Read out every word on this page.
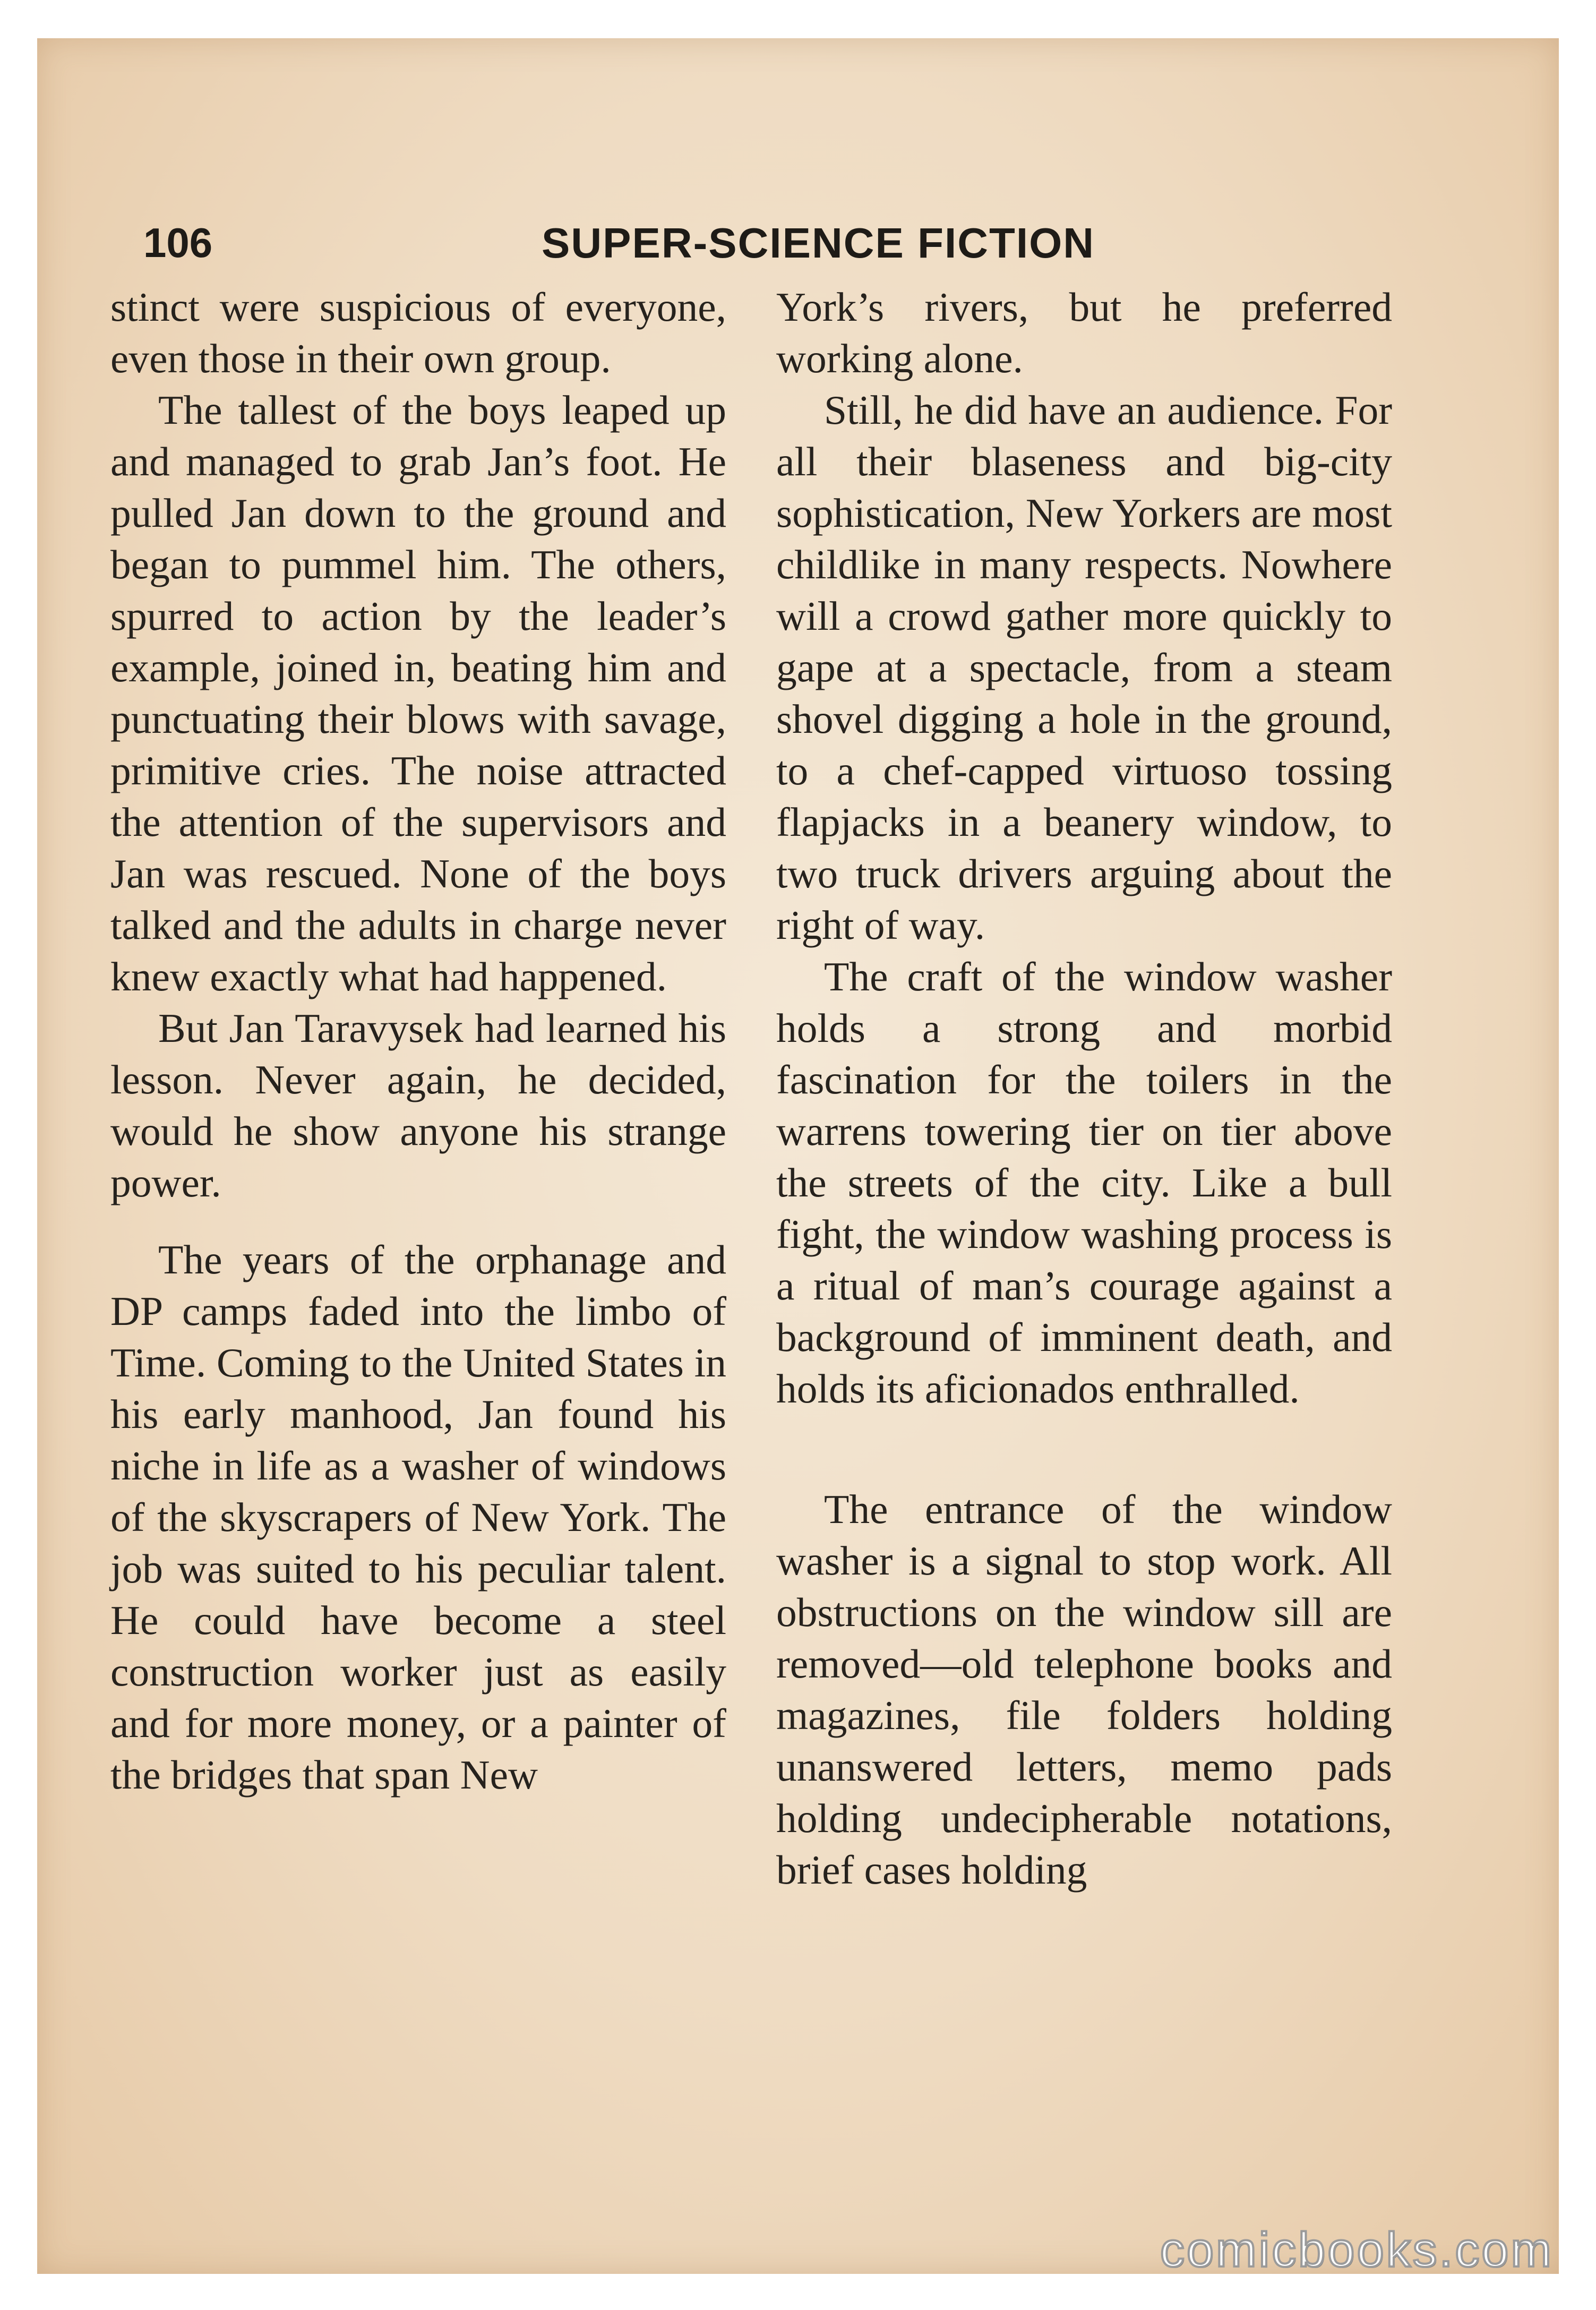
106	SUPER-SCIENCE FICTION

stinct were suspicious of everyone, even those in their own group.

The tallest of the boys leaped up and managed to grab Jan’s foot. He pulled Jan down to the ground and began to pummel him. The others, spurred to action by the leader’s example, joined in, beating him and punctuating their blows with savage, primitive cries. The noise attracted the attention of the supervisors and Jan was rescued. None of the boys talked and the adults in charge never knew exactly what had happened.

But Jan Taravysek had learned his lesson. Never again, he decided, would he show anyone his strange power.

The years of the orphanage and DP camps faded into the limbo of Time. Coming to the United States in his early manhood, Jan found his niche in life as a washer of windows of the skyscrapers of New York. The job was suited to his peculiar talent. He could have become a steel construction worker just as easily and for more money, or a painter of the bridges that span New

York’s rivers, but he preferred working alone.

Still, he did have an audience. For all their blaseness and big-city sophistication, New Yorkers are most childlike in many respects. Nowhere will a crowd gather more quickly to gape at a spectacle, from a steam shovel digging a hole in the ground, to a chef-capped virtuoso tossing flapjacks in a beanery window, to two truck drivers arguing about the right of way.

The craft of the window washer holds a strong and morbid fascination for the toilers in the warrens towering tier on tier above the streets of the city. Like a bull fight, the window washing process is a ritual of man’s courage against a background of imminent death, and holds its aficionados enthralled.

The entrance of the window washer is a signal to stop work. All obstructions on the window sill are removed—old telephone books and magazines, file folders holding unanswered letters, memo pads holding undecipherable notations, brief cases holding

comicbooks.com
